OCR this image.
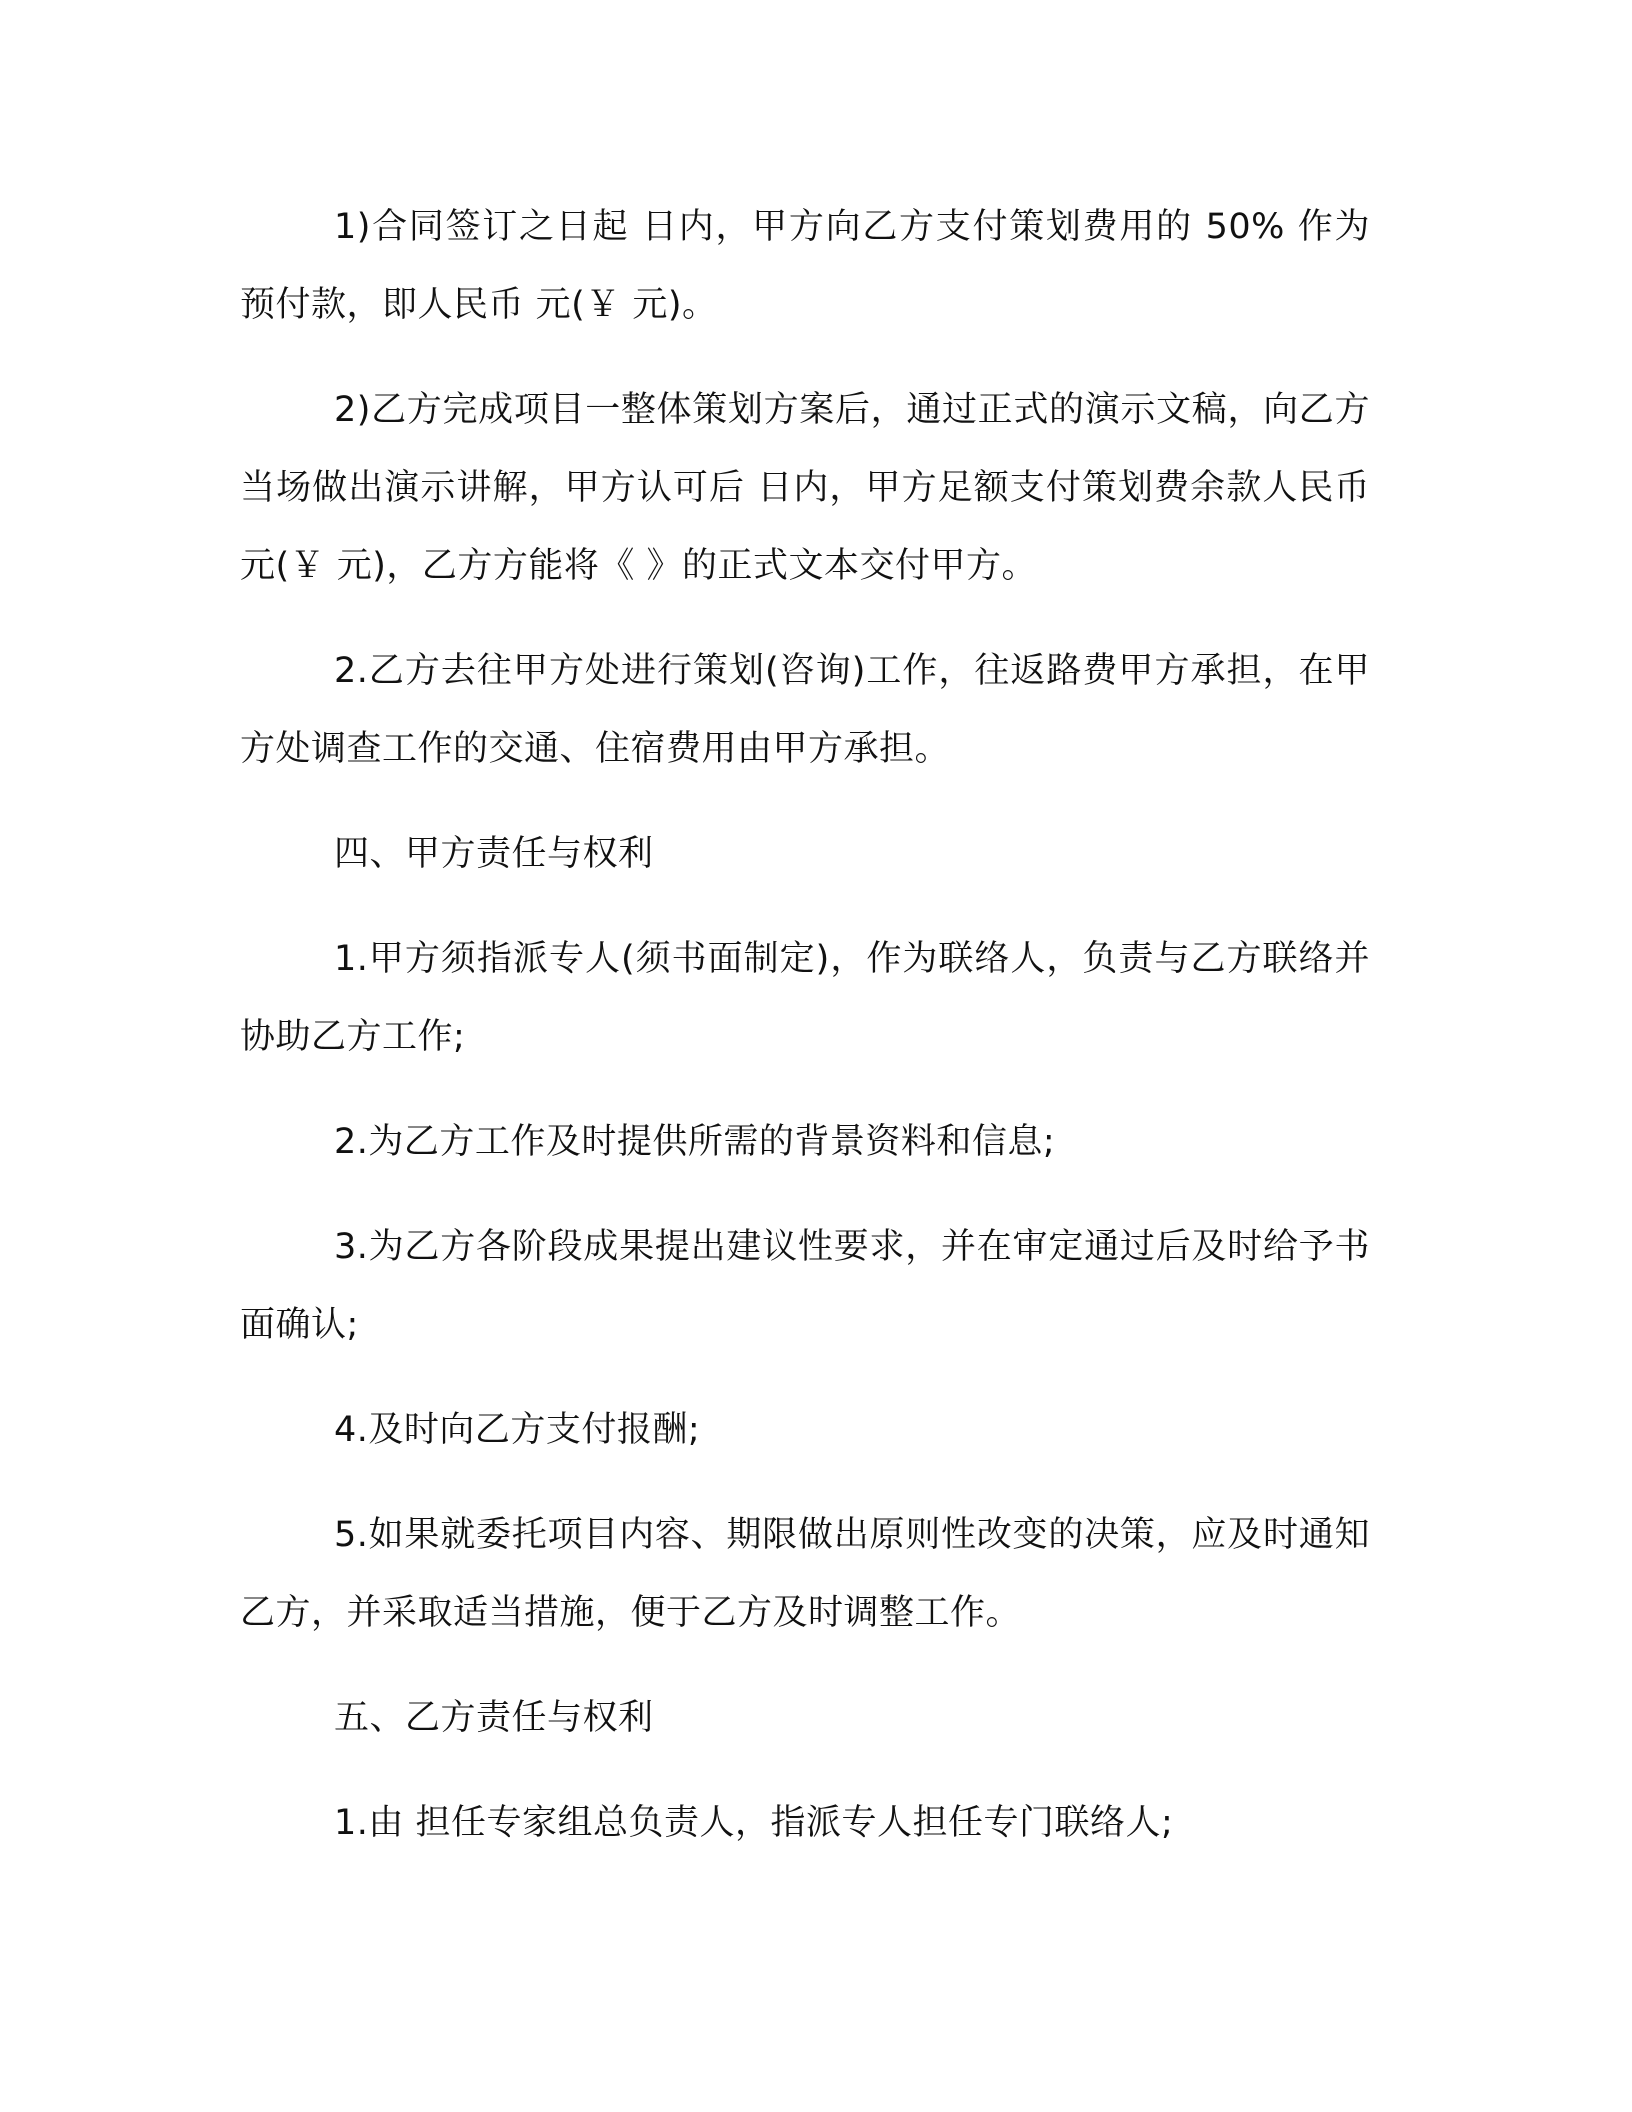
1)合同签订之日起 日内，甲方向乙方支付策划费用的 50% 作为预付款，即人民币 元(￥ 元)。

2)乙方完成项目一整体策划方案后，通过正式的演示文稿，向乙方当场做出演示讲解，甲方认可后 日内，甲方足额支付策划费余款人民币 元(￥ 元)，乙方方能将《 》的正式文本交付甲方。

2.乙方去往甲方处进行策划(咨询)工作，往返路费甲方承担，在甲方处调查工作的交通、住宿费用由甲方承担。

四、甲方责任与权利

1.甲方须指派专人(须书面制定)，作为联络人，负责与乙方联络并协助乙方工作;

2.为乙方工作及时提供所需的背景资料和信息;

3.为乙方各阶段成果提出建议性要求，并在审定通过后及时给予书面确认;

4.及时向乙方支付报酬;

5.如果就委托项目内容、期限做出原则性改变的决策，应及时通知乙方，并采取适当措施，便于乙方及时调整工作。

五、乙方责任与权利

1.由 担任专家组总负责人，指派专人担任专门联络人;
